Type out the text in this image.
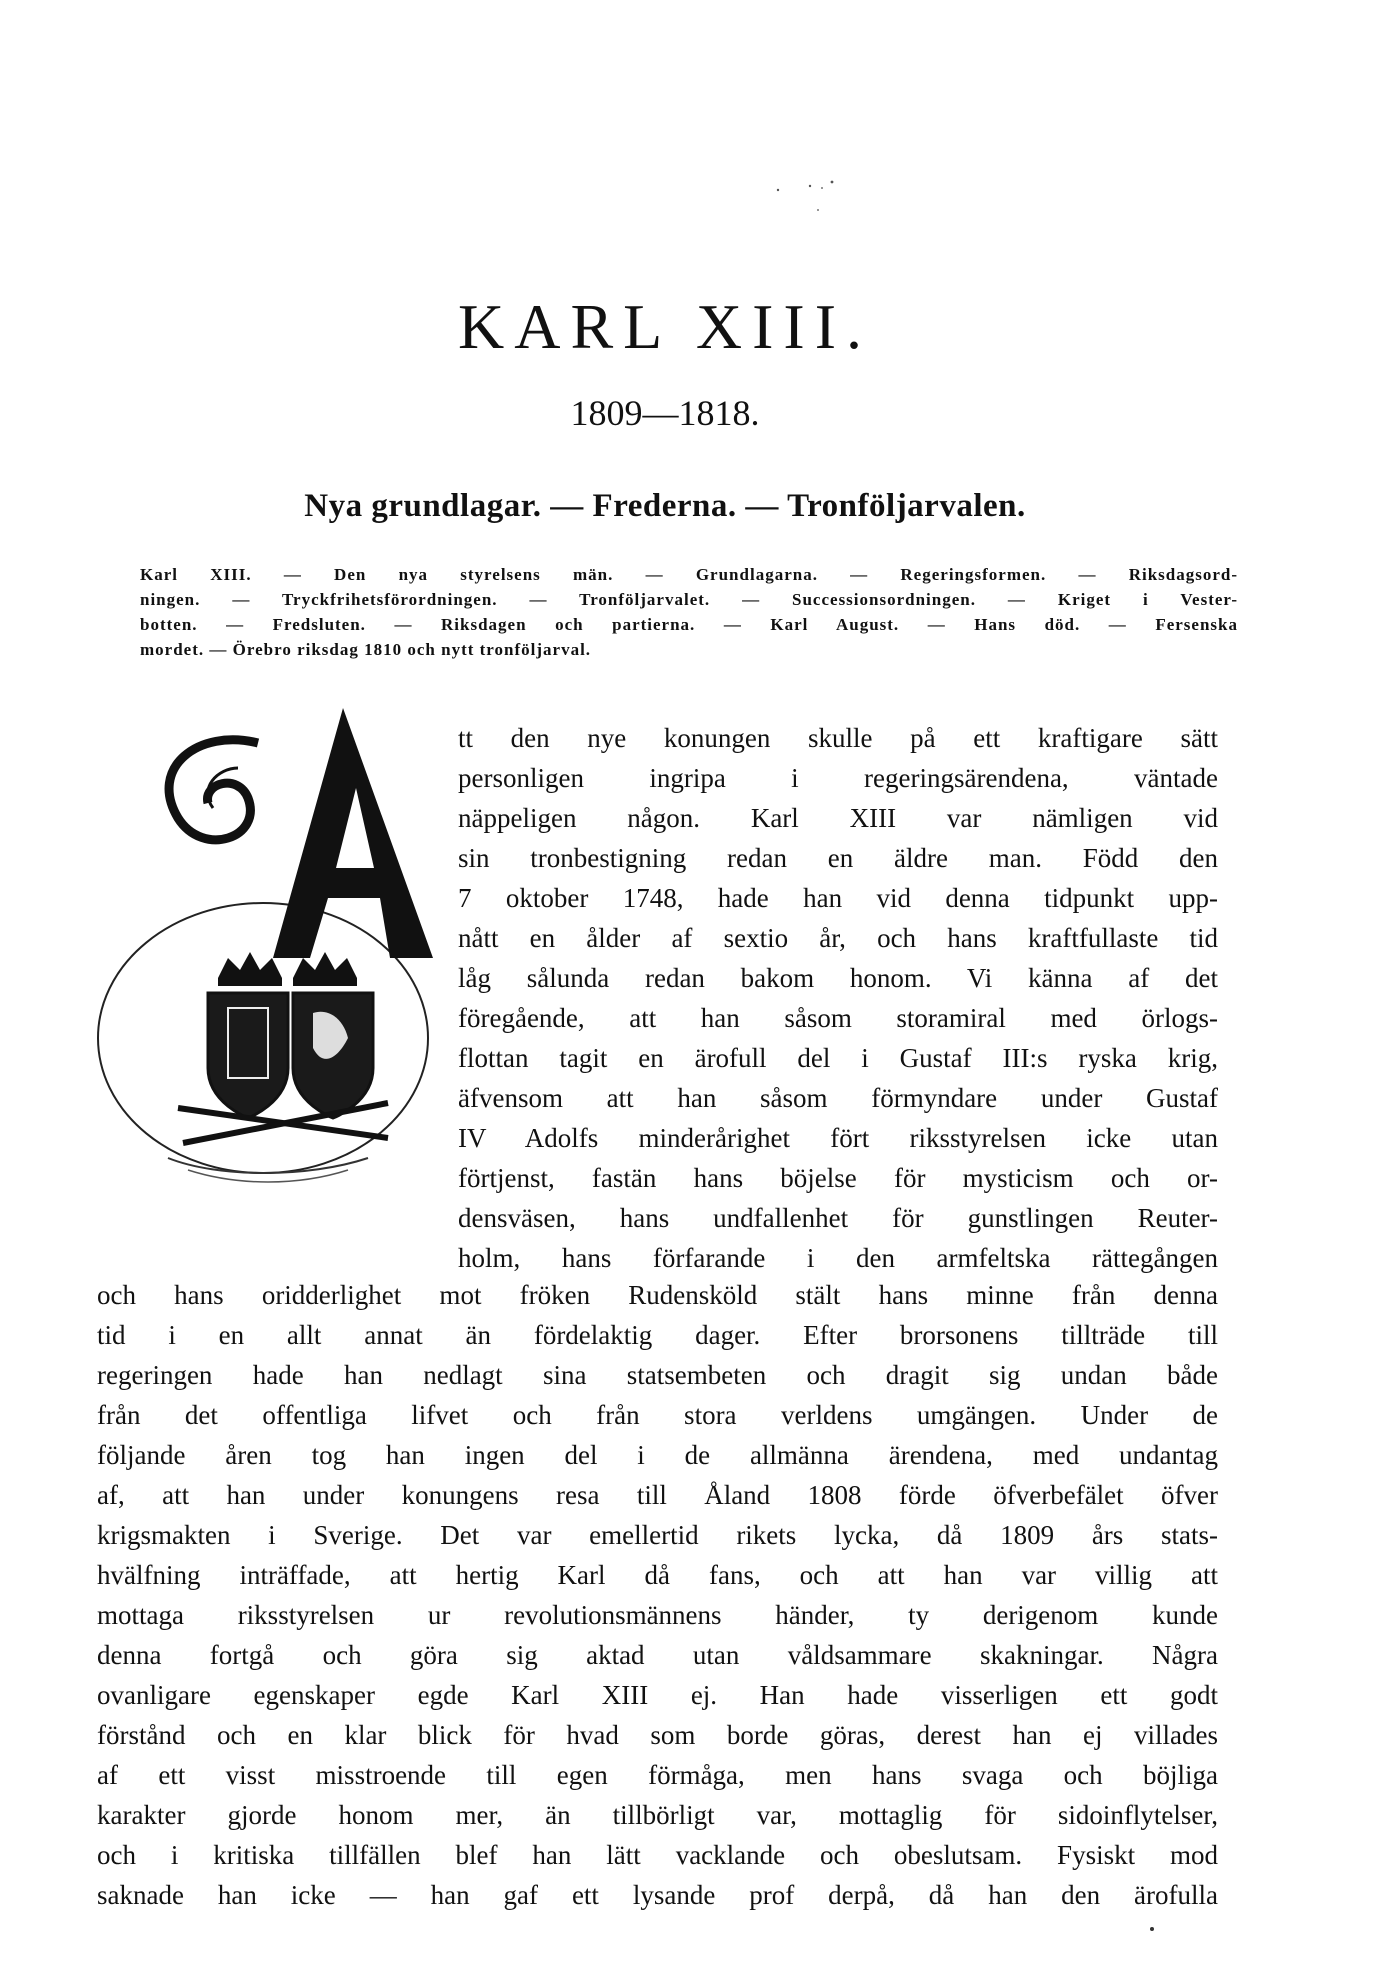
KARL XIII.
1809—1818.
Nya grundlagar. — Frederna. — Tronföljarvalen.
Karl XIII. — Den nya styrelsens män. — Grundlagarna. — Regeringsformen. — Riksdagsord-
ningen. — Tryckfrihetsförordningen. — Tronföljarvalet. — Successionsordningen. — Kriget i Vester-
botten. — Fredsluten. — Riksdagen och partierna. — Karl August. — Hans död. — Fersenska
mordet. — Örebro riksdag 1810 och nytt tronföljarval.
A
tt den nye konungen skulle på ett kraftigare sätt
personligen ingripa i regeringsärendena, väntade
näppeligen någon. Karl XIII var nämligen vid
sin tronbestigning redan en äldre man. Född den
7 oktober 1748, hade han vid denna tidpunkt upp-
nått en ålder af sextio år, och hans kraftfullaste tid
låg sålunda redan bakom honom. Vi känna af det
föregående, att han såsom storamiral med örlogs-
flottan tagit en ärofull del i Gustaf III:s ryska krig,
äfvensom att han såsom förmyndare under Gustaf
IV Adolfs minderårighet fört riksstyrelsen icke utan
förtjenst, fastän hans böjelse för mysticism och or-
densväsen, hans undfallenhet för gunstlingen Reuter-
holm, hans förfarande i den armfeltska rättegången
och hans oridderlighet mot fröken Rudensköld stält hans minne från denna
tid i en allt annat än fördelaktig dager. Efter brorsonens tillträde till
regeringen hade han nedlagt sina statsembeten och dragit sig undan både
från det offentliga lifvet och från stora verldens umgängen. Under de
följande åren tog han ingen del i de allmänna ärendena, med undantag
af, att han under konungens resa till Åland 1808 förde öfverbefälet öfver
krigsmakten i Sverige. Det var emellertid rikets lycka, då 1809 års stats-
hvälfning inträffade, att hertig Karl då fans, och att han var villig att
mottaga riksstyrelsen ur revolutionsmännens händer, ty derigenom kunde
denna fortgå och göra sig aktad utan våldsammare skakningar. Några
ovanligare egenskaper egde Karl XIII ej. Han hade visserligen ett godt
förstånd och en klar blick för hvad som borde göras, derest han ej villades
af ett visst misstroende till egen förmåga, men hans svaga och böjliga
karakter gjorde honom mer, än tillbörligt var, mottaglig för sidoinflytelser,
och i kritiska tillfällen blef han lätt vacklande och obeslutsam. Fysiskt mod
saknade han icke — han gaf ett lysande prof derpå, då han den ärofulla
